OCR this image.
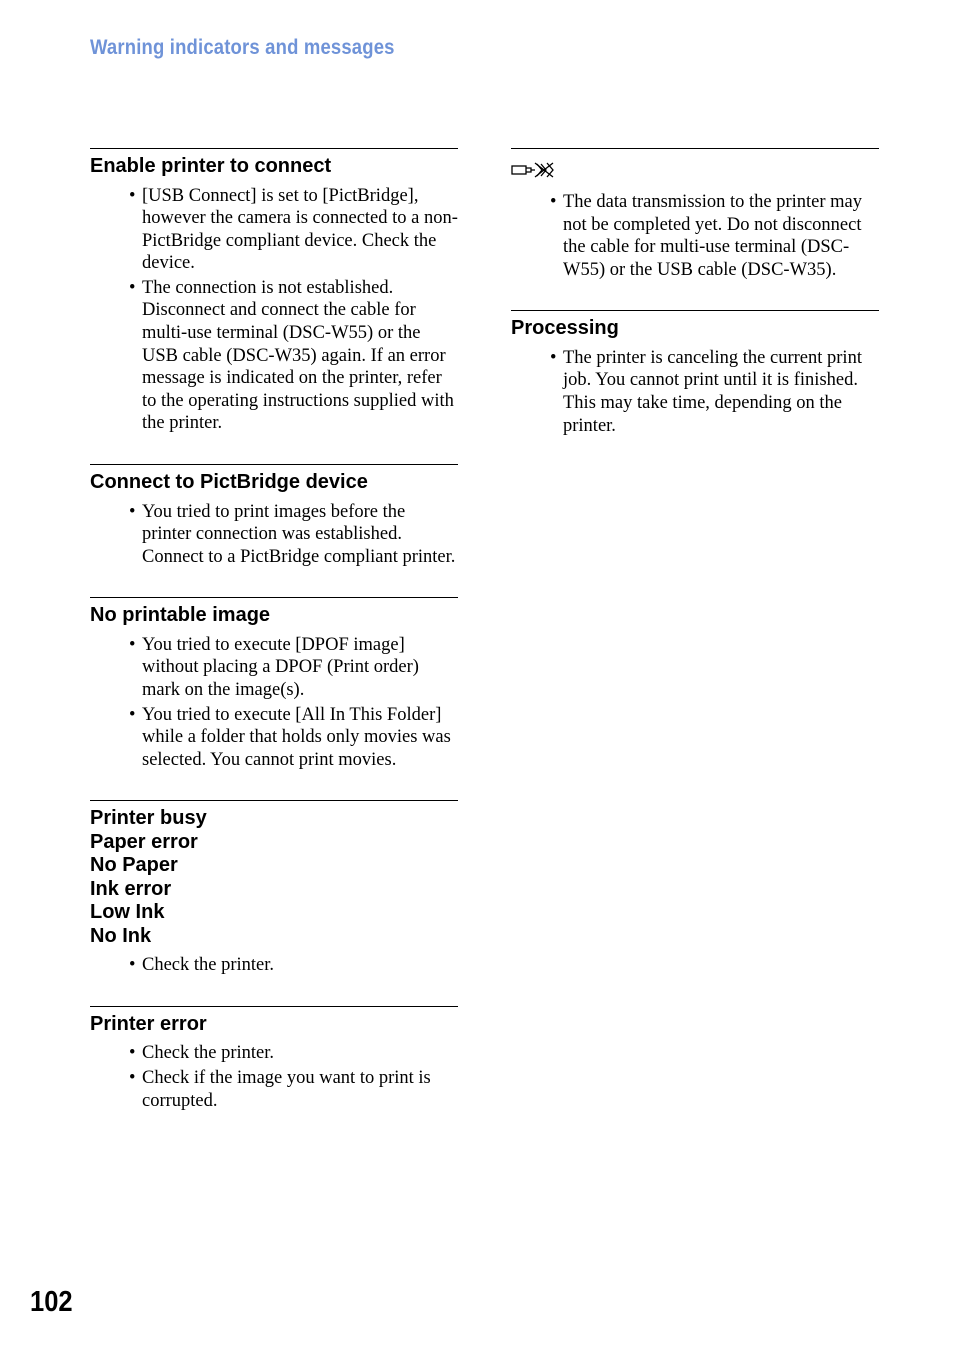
Warning indicators and messages
Enable printer to connect
• [USB Connect] is set to [PictBridge], however the camera is connected to a non-PictBridge compliant device. Check the device.
• The connection is not established. Disconnect and connect the cable for multi-use terminal (DSC-W55) or the USB cable (DSC-W35) again. If an error message is indicated on the printer, refer to the operating instructions supplied with the printer.
Connect to PictBridge device
• You tried to print images before the printer connection was established. Connect to a PictBridge compliant printer.
No printable image
• You tried to execute [DPOF image] without placing a DPOF (Print order) mark on the image(s).
• You tried to execute [All In This Folder] while a folder that holds only movies was selected. You cannot print movies.
Printer busy
Paper error
No Paper
Ink error
Low Ink
No Ink
• Check the printer.
Printer error
• Check the printer.
• Check if the image you want to print is corrupted.
• The data transmission to the printer may not be completed yet. Do not disconnect the cable for multi-use terminal (DSC-W55) or the USB cable (DSC-W35).
Processing
• The printer is canceling the current print job. You cannot print until it is finished. This may take time, depending on the printer.
102
